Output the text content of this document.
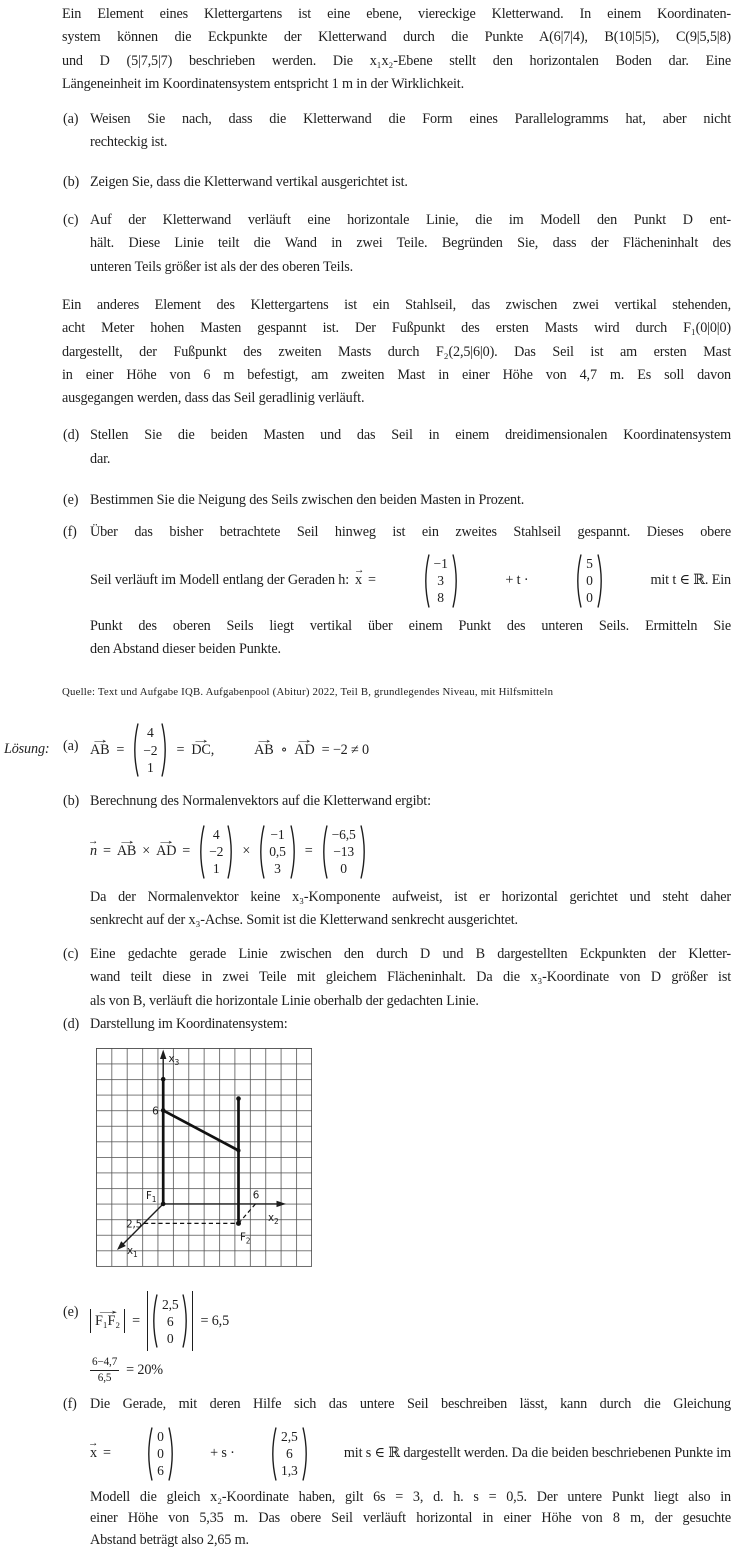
Ein Element eines Klettergartens ist eine ebene, viereckige Kletterwand. In einem Koordinaten-
system können die Eckpunkte der Kletterwand durch die Punkte A(6|7|4), B(10|5|5), C(9|5,5|8)
und D (5|7,5|7) beschrieben werden. Die x₁x₂-Ebene stellt den horizontalen Boden dar. Eine
Längeneinheit im Koordinatensystem entspricht 1 m in der Wirklichkeit.
(a) Weisen Sie nach, dass die Kletterwand die Form eines Parallelogramms hat, aber nicht
rechteckig ist.
(b) Zeigen Sie, dass die Kletterwand vertikal ausgerichtet ist.
(c) Auf der Kletterwand verläuft eine horizontale Linie, die im Modell den Punkt D ent-
hält. Diese Linie teilt die Wand in zwei Teile. Begründen Sie, dass der Flächeninhalt des
unteren Teils größer ist als der des oberen Teils.
Ein anderes Element des Klettergartens ist ein Stahlseil, das zwischen zwei vertikal stehenden,
acht Meter hohen Masten gespannt ist. Der Fußpunkt des ersten Masts wird durch F₁(0|0|0)
dargestellt, der Fußpunkt des zweiten Masts durch F₂(2,5|6|0). Das Seil ist am ersten Mast
in einer Höhe von 6 m befestigt, am zweiten Mast in einer Höhe von 4,7 m. Es soll davon
ausgegangen werden, dass das Seil geradlinig verläuft.
(d) Stellen Sie die beiden Masten und das Seil in einem dreidimensionalen Koordinatensystem
dar.
(e) Bestimmen Sie die Neigung des Seils zwischen den beiden Masten in Prozent.
(f) Über das bisher betrachtete Seil hinweg ist ein zweites Stahlseil gespannt. Dieses obere
Seil verläuft im Modell entlang der Geraden h: → x =
−1
3
8
+ t ·
5
0
0
mit t ∈ ℝ. Ein
Punkt des oberen Seils liegt vertikal über einem Punkt des unteren Seils. Ermitteln Sie
den Abstand dieser beiden Punkte.
Quelle: Text und Aufgabe IQB. Aufgabenpool (Abitur) 2022, Teil B, grundlegendes Niveau, mit Hilfsmitteln
Lösung: (a) → AB =
4
−2
1
= → DC ,	→ AB ∘ → AD = −2 ≠ 0
(b) Berechnung des Normalenvektors auf die Kletterwand ergibt:
→ n = → AB × → AD =
4
−2
1
×
−1
0,5
3
=
−6,5
−13
0
Da der Normalenvektor keine x₃-Komponente aufweist, ist er horizontal gerichtet und steht daher
senkrecht auf der x₃-Achse. Somit ist die Kletterwand senkrecht ausgerichtet.
(c) Eine gedachte gerade Linie zwischen den durch D und B dargestellten Eckpunkten der Kletter-
wand teilt diese in zwei Teile mit gleichem Flächeninhalt. Da die x₃-Koordinate von D größer ist
als von B, verläuft die horizontale Linie oberhalb der gedachten Linie.
(d) Darstellung im Koordinatensystem:
$x_3$
$x_2$
$x_1$
$F_1$
$F_2$
6
6
2,5
(e)
→ F₁F₂ =
2,5
6
0
= 6,5
$\frac{6-4,7}{6,5} = 20\%$
(f) Die Gerade, mit deren Hilfe sich das untere Seil beschreiben lässt, kann durch die Gleichung
→ x =
0
0
6
+ s ·
2,5
6
1,3
mit s ∈ ℝ dargestellt werden. Da die beiden beschriebenen Punkte im
Modell die gleich x₂-Koordinate haben, gilt 6s = 3, d. h. s = 0,5. Der untere Punkt liegt also in
einer Höhe von 5,35 m. Das obere Seil verläuft horizontal in einer Höhe von 8 m, der gesuchte
Abstand beträgt also 2,65 m.
